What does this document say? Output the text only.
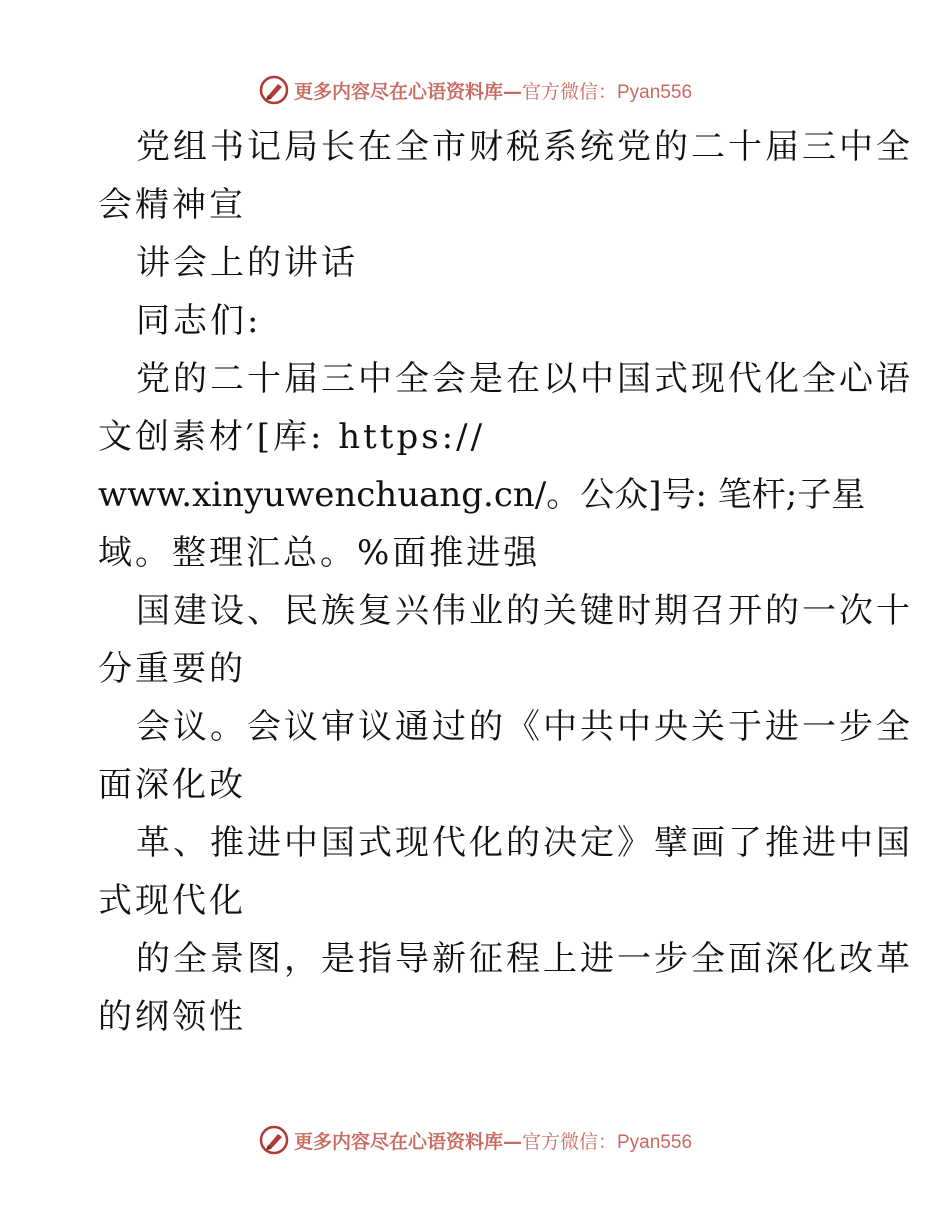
更多内容尽在心语资料库—官方微信：Pyan556
党组书记局长在全市财税系统党的二十届三中全
会精神宣
讲会上的讲话
同志们:
党的二十届三中全会是在以中国式现代化全心语
文创素材′[库: https://
www.xinyuwenchuang.cn/。公众]号: 笔杆;子星
域。整理汇总。%面推进强
国建设、民族复兴伟业的关键时期召开的一次十
分重要的
会议。会议审议通过的《中共中央关于进一步全
面深化改
革、推进中国式现代化的决定》擘画了推进中国
式现代化
的全景图，是指导新征程上进一步全面深化改革
的纲领性
更多内容尽在心语资料库—官方微信：Pyan556
